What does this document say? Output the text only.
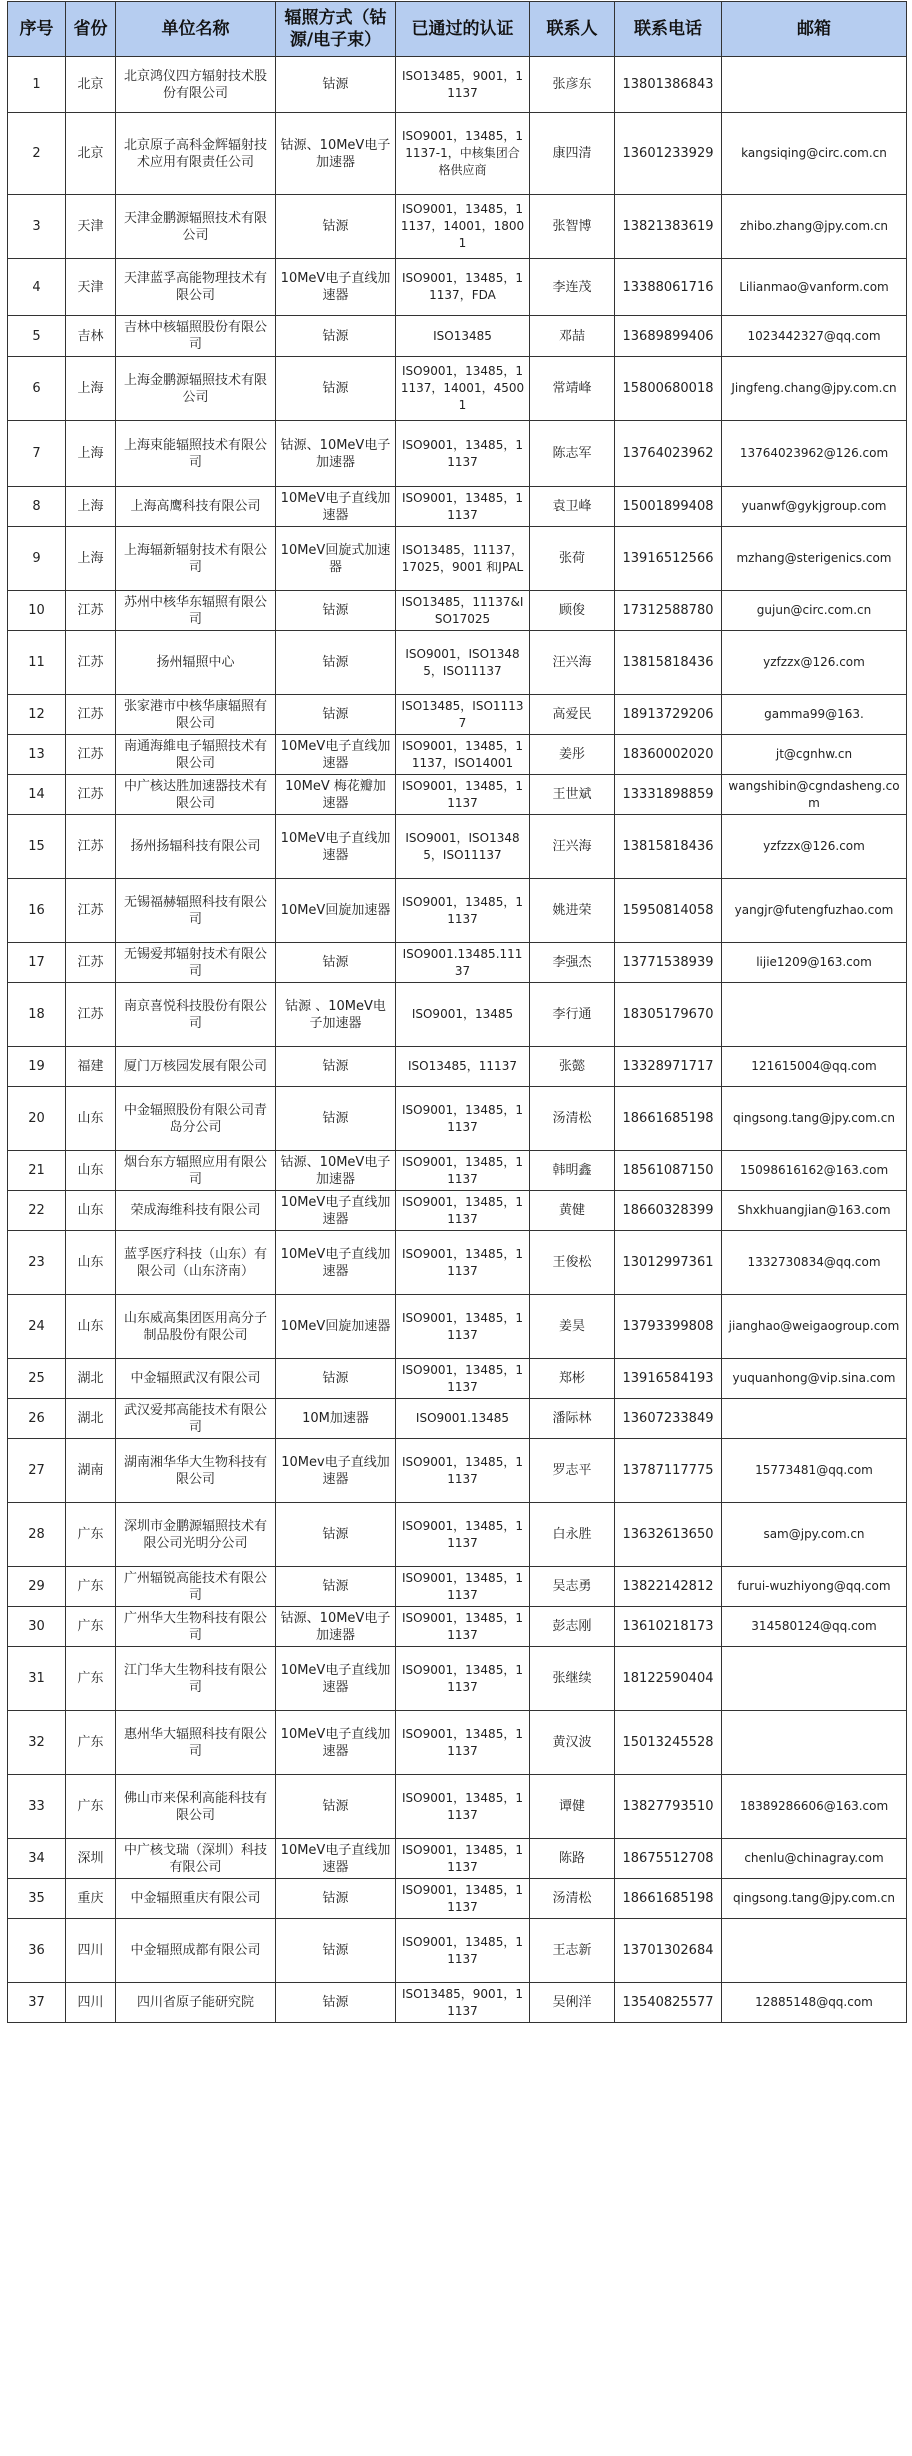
序号	省份	单位名称	辐照方式（钴源/电子束）	已通过的认证	联系人	联系电话	邮箱
1	北京	北京鸿仪四方辐射技术股份有限公司	钴源	ISO13485，9001，11137	张彦东	13801386843	
2	北京	北京原子高科金辉辐射技术应用有限责任公司	钴源、10MeV电子加速器	ISO9001，13485，11137-1，中核集团合格供应商	康四清	13601233929	kangsiqing@circ.com.cn
3	天津	天津金鹏源辐照技术有限公司	钴源	ISO9001，13485，11137，14001，18001	张智博	13821383619	zhibo.zhang@jpy.com.cn
4	天津	天津蓝孚高能物理技术有限公司	10MeV电子直线加速器	ISO9001，13485，11137，FDA	李连茂	13388061716	Lilianmao@vanform.com
5	吉林	吉林中核辐照股份有限公司	钴源	ISO13485	邓喆	13689899406	1023442327@qq.com
6	上海	上海金鹏源辐照技术有限公司	钴源	ISO9001，13485，11137，14001，45001	常靖峰	15800680018	Jingfeng.chang@jpy.com.cn
7	上海	上海束能辐照技术有限公司	钴源、10MeV电子加速器	ISO9001，13485，11137	陈志军	13764023962	13764023962@126.com
8	上海	上海高鹰科技有限公司	10MeV电子直线加速器	ISO9001，13485，11137	袁卫峰	15001899408	yuanwf@gykjgroup.com
9	上海	上海辐新辐射技术有限公司	10MeV回旋式加速器	ISO13485，11137，17025，9001 和JPAL	张荷	13916512566	mzhang@sterigenics.com
10	江苏	苏州中核华东辐照有限公司	钴源	ISO13485，11137&ISO17025	顾俊	17312588780	gujun@circ.com.cn
11	江苏	扬州辐照中心	钴源	ISO9001，ISO13485，ISO11137	汪兴海	13815818436	yzfzzx@126.com
12	江苏	张家港市中核华康辐照有限公司	钴源	ISO13485，ISO11137	高爱民	18913729206	gamma99@163.
13	江苏	南通海維电子辐照技术有限公司	10MeV电子直线加速器	ISO9001，13485，11137，ISO14001	姜彤	18360002020	jt@cgnhw.cn
14	江苏	中广核达胜加速器技术有限公司	10MeV 梅花瓣加速器	ISO9001，13485，11137	王世斌	13331898859	wangshibin@cgndasheng.com
15	江苏	扬州扬辐科技有限公司	10MeV电子直线加速器	ISO9001，ISO13485，ISO11137	汪兴海	13815818436	yzfzzx@126.com
16	江苏	无锡福赫辐照科技有限公司	10MeV回旋加速器	ISO9001，13485，11137	姚进荣	15950814058	yangjr@futengfuzhao.com
17	江苏	无锡爱邦辐射技术有限公司	钴源	ISO9001.13485.11137	李强杰	13771538939	lijie1209@163.com
18	江苏	南京喜悦科技股份有限公司	钴源 、10MeV电子加速器	ISO9001，13485	李行通	18305179670	
19	福建	厦门万核园发展有限公司	钴源	ISO13485，11137	张懿	13328971717	121615004@qq.com
20	山东	中金辐照股份有限公司青岛分公司	钴源	ISO9001，13485，11137	汤清松	18661685198	qingsong.tang@jpy.com.cn
21	山东	烟台东方辐照应用有限公司	钴源、10MeV电子加速器	ISO9001，13485，11137	韩明鑫	18561087150	15098616162@163.com
22	山东	荣成海维科技有限公司	10MeV电子直线加速器	ISO9001，13485，11137	黄健	18660328399	Shxkhuangjian@163.com
23	山东	蓝孚医疗科技（山东）有限公司（山东济南）	10MeV电子直线加速器	ISO9001，13485，11137	王俊松	13012997361	1332730834@qq.com
24	山东	山东威高集团医用高分子制品股份有限公司	10MeV回旋加速器	ISO9001，13485，11137	姜昊	13793399808	jianghao@weigaogroup.com
25	湖北	中金辐照武汉有限公司	钴源	ISO9001，13485，11137	郑彬	13916584193	yuquanhong@vip.sina.com
26	湖北	武汉爱邦高能技术有限公司	10M加速器	ISO9001.13485	潘际林	13607233849	
27	湖南	湖南湘华华大生物科技有限公司	10Mev电子直线加速器	ISO9001，13485，11137	罗志平	13787117775	15773481@qq.com
28	广东	深圳市金鹏源辐照技术有限公司光明分公司	钴源	ISO9001，13485，11137	白永胜	13632613650	sam@jpy.com.cn
29	广东	广州辐锐高能技术有限公司	钴源	ISO9001，13485，11137	吴志勇	13822142812	furui-wuzhiyong@qq.com
30	广东	广州华大生物科技有限公司	钴源、10MeV电子加速器	ISO9001，13485，11137	彭志刚	13610218173	314580124@qq.com
31	广东	江门华大生物科技有限公司	10MeV电子直线加速器	ISO9001，13485，11137	张继续	18122590404	
32	广东	惠州华大辐照科技有限公司	10MeV电子直线加速器	ISO9001，13485，11137	黄汉波	15013245528	
33	广东	佛山市来保利高能科技有限公司	钴源	ISO9001，13485，11137	谭健	13827793510	18389286606@163.com
34	深圳	中广核戈瑞（深圳）科技有限公司	10MeV电子直线加速器	ISO9001，13485，11137	陈路	18675512708	chenlu@chinagray.com
35	重庆	中金辐照重庆有限公司	钴源	ISO9001，13485，11137	汤清松	18661685198	qingsong.tang@jpy.com.cn
36	四川	中金辐照成都有限公司	钴源	ISO9001，13485，11137	王志新	13701302684	
37	四川	四川省原子能研究院	钴源	ISO13485，9001，11137	吴俐洋	13540825577	12885148@qq.com
